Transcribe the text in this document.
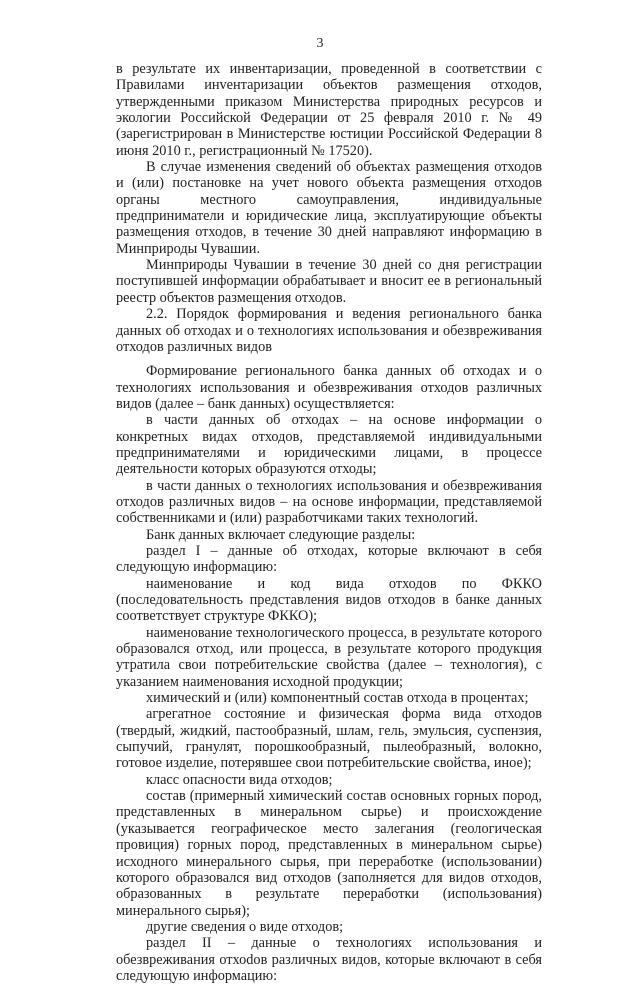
3

в результате их инвентаризации, проведенной в соответствии с Правилами инvентаризации объектов размещения отходов, утвержденными приказом Министерства природных ресурсов и экологии Российской Федерации от 25 февраля 2010 г. № 49 (зарегистрирован в Министерстве юстиции Российской Федерации 8 июня 2010 г., регистрационный № 17520).

В случае изменения сведений об объектах размещения отходов и (или) постановке на учет нового объекта размещения отходов органы местного самоуправления, индивидуальные предприниматели и юридические лица, эксплуатирующие объекты размещения отходов, в течение 30 дней направляют информацию в Минприроды Чувашии.

Минприроды Чувашии в течение 30 дней со дня регистрации поступившей информации обрабатывает и вносит ее в региональный реестр объектов размещения отходов.

2.2. Порядок формирования и ведения регионального банка данных об отходах и о технологиях использования и обезвреживания отходов различных видов

Формирование регионального банка данных об отходах и о технологиях использования и обезвреживания отходов различных видов (далее – банк данных) осуществляется:

в части данных об отходах – на основе информации о конкретных видах отходов, представляемой индивидуальными предпринимателями и юридическими лицами, в процессе деятельности которых образуются отходы;

в части данных о технологиях использования и обезвреживания отходов различных видов – на основе информации, представляемой собственниками и (или) разработчиками таких технологий.

Банк данных включает следующие разделы:

раздел I – данные об отходах, которые включают в себя следующую информацию:

наименование и код вида отходов по ФККО (последовательность представления видов отходов в банке данных соответствует структуре ФККО);

наименование технологического процесса, в результате которого образовался отход, или процесса, в результате которого продукция утратила свои потребительские свойства (далее – технология), с указанием наименования исходной продукции;

химический и (или) компонентный состав отхода в процентах;

агрегатное состояние и физическая форма вида отходов (твердый, жидкий, пастообразный, шлам, гель, эмульсия, суспензия, сыпучий, гранулят, порошкообразный, пылеобразный, волокно, готовое изделие, потерявшее свои потребительские свойства, иное);

класс опасности вида отходов;

состав (примерный химический состав основных горных пород, представленных в минеральном сырье) и происхождение (указывается географическое место залегания (геологическая провиция) горных пород, представленных в минеральном сырье) исходного минерального сырья, при переработке (использовании) которого образовался вид отходов (заполняется для видов отходов, образованных в результате переработки (использования) минерального сырья);

другие сведения о виде отходов;

раздел II – данные о технологиях использования и обезвреживания отхоdов различных видов, которые включают в себя следующую информацию:
